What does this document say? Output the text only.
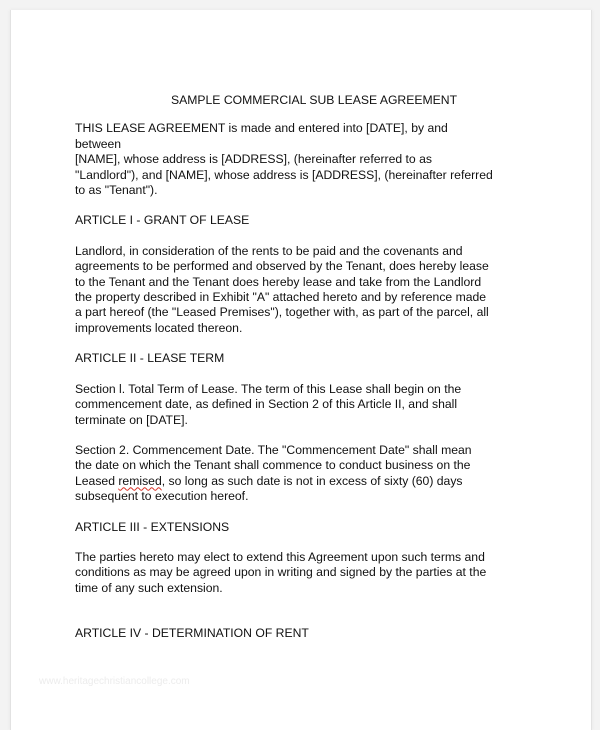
SAMPLE COMMERCIAL SUB LEASE AGREEMENT
THIS LEASE AGREEMENT is made and entered into [DATE], by and
between
[NAME], whose address is [ADDRESS], (hereinafter referred to as
"Landlord"), and [NAME], whose address is [ADDRESS], (hereinafter referred
to as "Tenant").
ARTICLE I - GRANT OF LEASE
Landlord, in consideration of the rents to be paid and the covenants and
agreements to be performed and observed by the Tenant, does hereby lease
to the Tenant and the Tenant does hereby lease and take from the Landlord
the property described in Exhibit "A" attached hereto and by reference made
a part hereof (the "Leased Premises"), together with, as part of the parcel, all
improvements located thereon.
ARTICLE II - LEASE TERM
Section l. Total Term of Lease. The term of this Lease shall begin on the
commencement date, as defined in Section 2 of this Article II, and shall
terminate on [DATE].
Section 2. Commencement Date. The "Commencement Date" shall mean
the date on which the Tenant shall commence to conduct business on the
Leased remised, so long as such date is not in excess of sixty (60) days
subsequent to execution hereof.
ARTICLE III - EXTENSIONS
The parties hereto may elect to extend this Agreement upon such terms and
conditions as may be agreed upon in writing and signed by the parties at the
time of any such extension.
ARTICLE IV - DETERMINATION OF RENT
www.heritagechristiancollege.com
